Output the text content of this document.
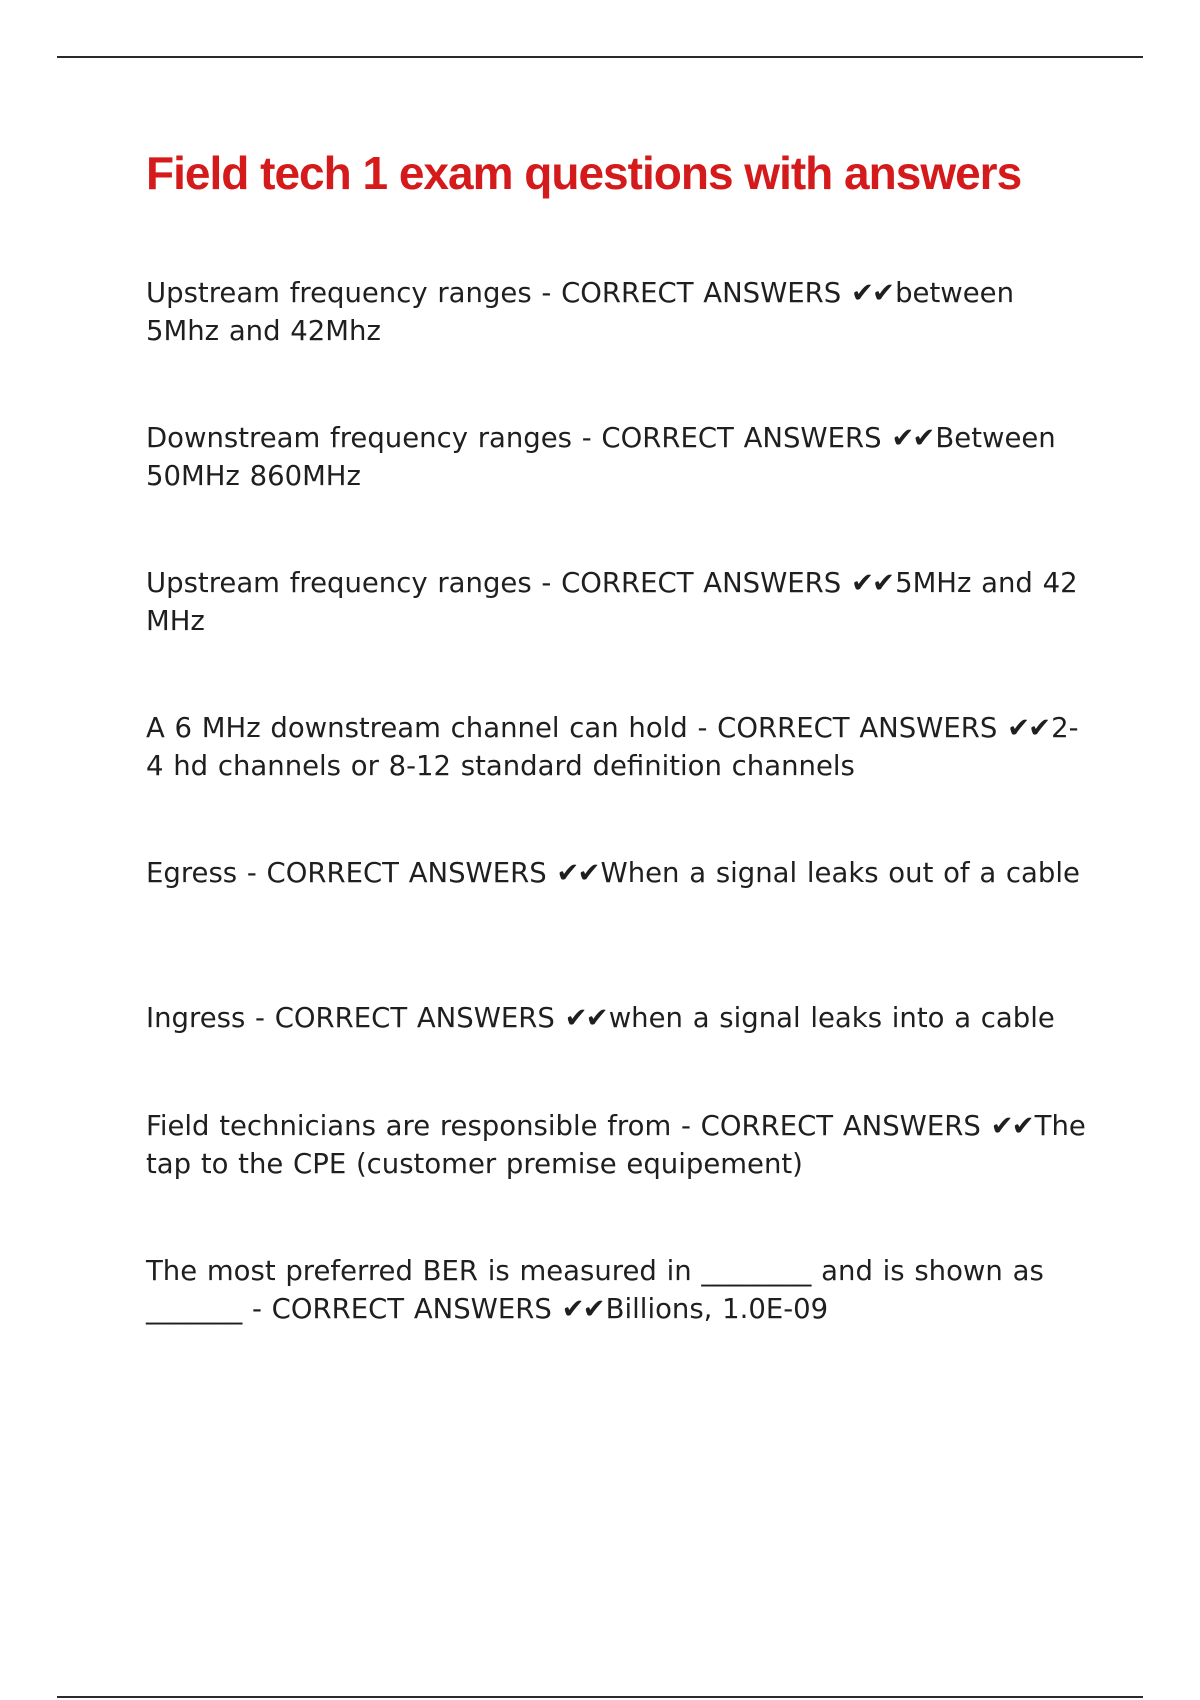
Field tech 1 exam questions with answers
Upstream frequency ranges - CORRECT ANSWERS ✔✔between 5Mhz and 42Mhz
Downstream frequency ranges - CORRECT ANSWERS ✔✔Between 50MHz 860MHz
Upstream frequency ranges - CORRECT ANSWERS ✔✔5MHz and 42 MHz
A 6 MHz downstream channel can hold - CORRECT ANSWERS ✔✔2-4 hd channels or 8-12 standard definition channels
Egress - CORRECT ANSWERS ✔✔When a signal leaks out of a cable
Ingress - CORRECT ANSWERS ✔✔when a signal leaks into a cable
Field technicians are responsible from - CORRECT ANSWERS ✔✔The tap to the CPE (customer premise equipement)
The most preferred BER is measured in ________ and is shown as _______ - CORRECT ANSWERS ✔✔Billions, 1.0E-09
